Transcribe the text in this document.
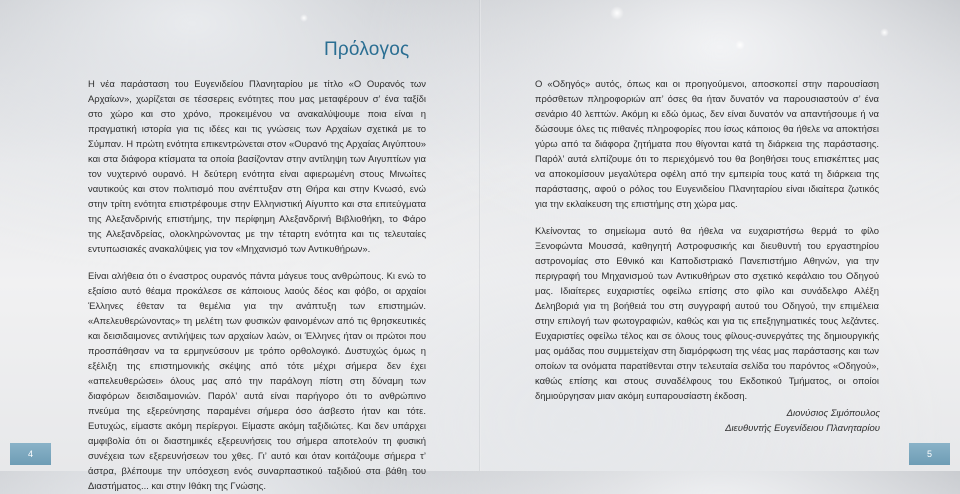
Πρόλογος

Η νέα παράσταση του Ευγενιδείου Πλανηταρίου με τίτλο «Ο Ουρανός των Αρχαίων», χωρίζεται σε τέσσερεις ενότητες που μας μεταφέρουν σ’ ένα ταξίδι στο χώρο και στο χρόνο, προκειμένου να ανακαλύψουμε ποια είναι η πραγματική ιστορία για τις ιδέες και τις γνώσεις των Αρχαίων σχετικά με το Σύμπαν. Η πρώτη ενότητα επικεντρώνεται στον «Ουρανό της Αρχαίας Αιγύπτου» και στα διάφορα κτίσματα τα οποία βασίζονταν στην αντίληψη των Αιγυπτίων για τον νυχτερινό ουρανό. Η δεύτερη ενότητα είναι αφιερωμένη στους Μινωίτες ναυτικούς και στον πολιτισμό που ανέπτυξαν στη Θήρα και στην Κνωσό, ενώ στην τρίτη ενότητα επιστρέφουμε στην Ελληνιστική Αίγυπτο και στα επιτεύγματα της Αλεξανδρινής επιστήμης, την περίφημη Αλεξανδρινή Βιβλιοθήκη, το Φάρο της Αλεξανδρείας, ολοκληρώνοντας με την τέταρτη ενότητα και τις τελευταίες εντυπωσιακές ανακαλύψεις για τον «Μηχανισμό των Αντικυθήρων».

Είναι αλήθεια ότι ο έναστρος ουρανός πάντα μάγευε τους ανθρώπους. Κι ενώ το εξαίσιο αυτό θέαμα προκάλεσε σε κάποιους λαούς δέος και φόβο, οι αρχαίοι Έλληνες έθεταν τα θεμέλια για την ανάπτυξη των επιστημών. «Απελευθερώνοντας» τη μελέτη των φυσικών φαινομένων από τις θρησκευτικές και δεισιδαιμονες αντιλήψεις των αρχαίων λαών, οι Έλληνες ήταν οι πρώτοι που προσπάθησαν να τα ερμηνεύσουν με τρόπο ορθολογικό. Δυστυχώς όμως η εξέλιξη της επιστημονικής σκέψης από τότε μέχρι σήμερα δεν έχει «απελευθερώσει» όλους μας από την παράλογη πίστη στη δύναμη των διαφόρων δεισιδαιμονιών. Παρόλ’ αυτά είναι παρήγορο ότι το ανθρώπινο πνεύμα της εξερεύνησης παραμένει σήμερα όσο άσβεστο ήταν και τότε. Ευτυχώς, είμαστε ακόμη περίεργοι. Είμαστε ακόμη ταξιδιώτες. Και δεν υπάρχει αμφιβολία ότι οι διαστημικές εξερευνήσεις του σήμερα αποτελούν τη φυσική συνέχεια των εξερευνήσεων του χθες. Γι’ αυτό και όταν κοιτάζουμε σήμερα τ’ άστρα, βλέπουμε την υπόσχεση ενός συναρπαστικού ταξιδιού στα βάθη του Διαστήματος... και στην Ιθάκη της Γνώσης.

Ο «Οδηγός» αυτός, όπως και οι προηγούμενοι, αποσκοπεί στην παρουσίαση πρόσθετων πληροφοριών απ’ όσες θα ήταν δυνατόν να παρουσιαστούν σ’ ένα σενάριο 40 λεπτών. Ακόμη κι εδώ όμως, δεν είναι δυνατόν να απαντήσουμε ή να δώσουμε όλες τις πιθανές πληροφορίες που ίσως κάποιος θα ήθελε να αποκτήσει γύρω από τα διάφορα ζητήματα που θίγονται κατά τη διάρκεια της παράστασης. Παρόλ’ αυτά ελπίζουμε ότι το περιεχόμενό του θα βοηθήσει τους επισκέπτες μας να αποκομίσουν μεγαλύτερα οφέλη από την εμπειρία τους κατά τη διάρκεια της παράστασης, αφού ο ρόλος του Ευγενιδείου Πλανηταρίου είναι ιδιαίτερα ζωτικός για την εκλαίκευση της επιστήμης στη χώρα μας.

Κλείνοντας το σημείωμα αυτό θα ήθελα να ευχαριστήσω θερμά το φίλο Ξενοφώντα Μουσσά, καθηγητή Αστροφυσικής και διευθυντή του εργαστηρίου αστρονομίας στο Εθνικό και Καποδιστριακό Πανεπιστήμιο Αθηνών, για την περιγραφή του Μηχανισμού των Αντικυθήρων στο σχετικό κεφάλαιο του Οδηγού μας. Ιδιαίτερες ευχαριστίες οφείλω επίσης στο φίλο και συνάδελφο Αλέξη Δεληβοριά για τη βοήθειά του στη συγγραφή αυτού του Οδηγού, την επιμέλεια στην επιλογή των φωτογραφιών, καθώς και για τις επεξηγηματικές τους λεζάντες. Ευχαριστίες οφείλω τέλος και σε όλους τους φίλους-συνεργάτες της δημιουργικής μας ομάδας που συμμετείχαν στη διαμόρφωση της νέας μας παράστασης και των οποίων τα ονόματα παρατίθενται στην τελευταία σελίδα του παρόντος «Οδηγού», καθώς επίσης και στους συναδέλφους του Εκδοτικού Τμήματος, οι οποίοι δημιούργησαν μιαν ακόμη ευπαρουσίαστη έκδοση.

Διονύσιος Σιμόπουλος
Διευθυντής Ευγενίδειου Πλανηταρίου
4	5
